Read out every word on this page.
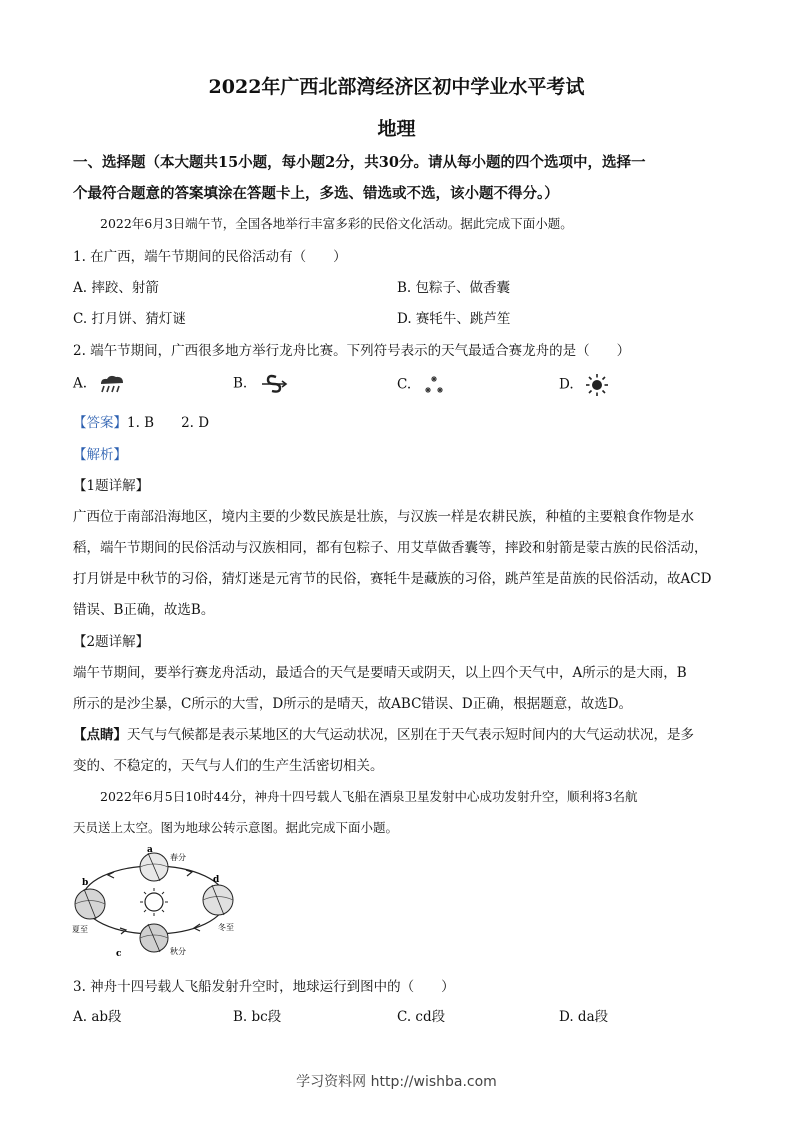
2022年广西北部湾经济区初中学业水平考试
地理
一、选择题（本大题共15小题，每小题2分，共30分。请从每小题的四个选项中，选择一
个最符合题意的答案填涂在答题卡上，多选、错选或不选，该小题不得分。）
2022年6月3日端午节，全国各地举行丰富多彩的民俗文化活动。据此完成下面小题。
1. 在广西，端午节期间的民俗活动有（　　）
A. 摔跤、射箭	B. 包粽子、做香囊
C. 打月饼、猜灯谜	D. 赛牦牛、跳芦笙
2. 端午节期间，广西很多地方举行龙舟比赛。下列符号表示的天气最适合赛龙舟的是（　　）
A.	B.	C.	D.
【答案】1. B　　2. D
【解析】
【1题详解】
广西位于南部沿海地区，境内主要的少数民族是壮族，与汉族一样是农耕民族，种植的主要粮食作物是水
稻，端午节期间的民俗活动与汉族相同，都有包粽子、用艾草做香囊等，摔跤和射箭是蒙古族的民俗活动，
打月饼是中秋节的习俗，猜灯迷是元宵节的民俗，赛牦牛是藏族的习俗，跳芦笙是苗族的民俗活动，故ACD
错误、B正确，故选B。
【2题详解】
端午节期间，要举行赛龙舟活动，最适合的天气是要晴天或阴天，以上四个天气中，A所示的是大雨，B
所示的是沙尘暴，C所示的大雪，D所示的是晴天，故ABC错误、D正确，根据题意，故选D。
【点睛】天气与气候都是表示某地区的大气运动状况，区别在于天气表示短时间内的大气运动状况，是多
变的、不稳定的，天气与人们的生产生活密切相关。
2022年6月5日10时44分，神舟十四号载人飞船在酒泉卫星发射中心成功发射升空，顺利将3名航
天员送上太空。图为地球公转示意图。据此完成下面小题。
a
b
c
d
春分
夏至
秋分
冬至
3. 神舟十四号载人飞船发射升空时，地球运行到图中的（　　）
A. ab段	B. bc段	C. cd段	D. da段
学习资料网 http://wishba.com
